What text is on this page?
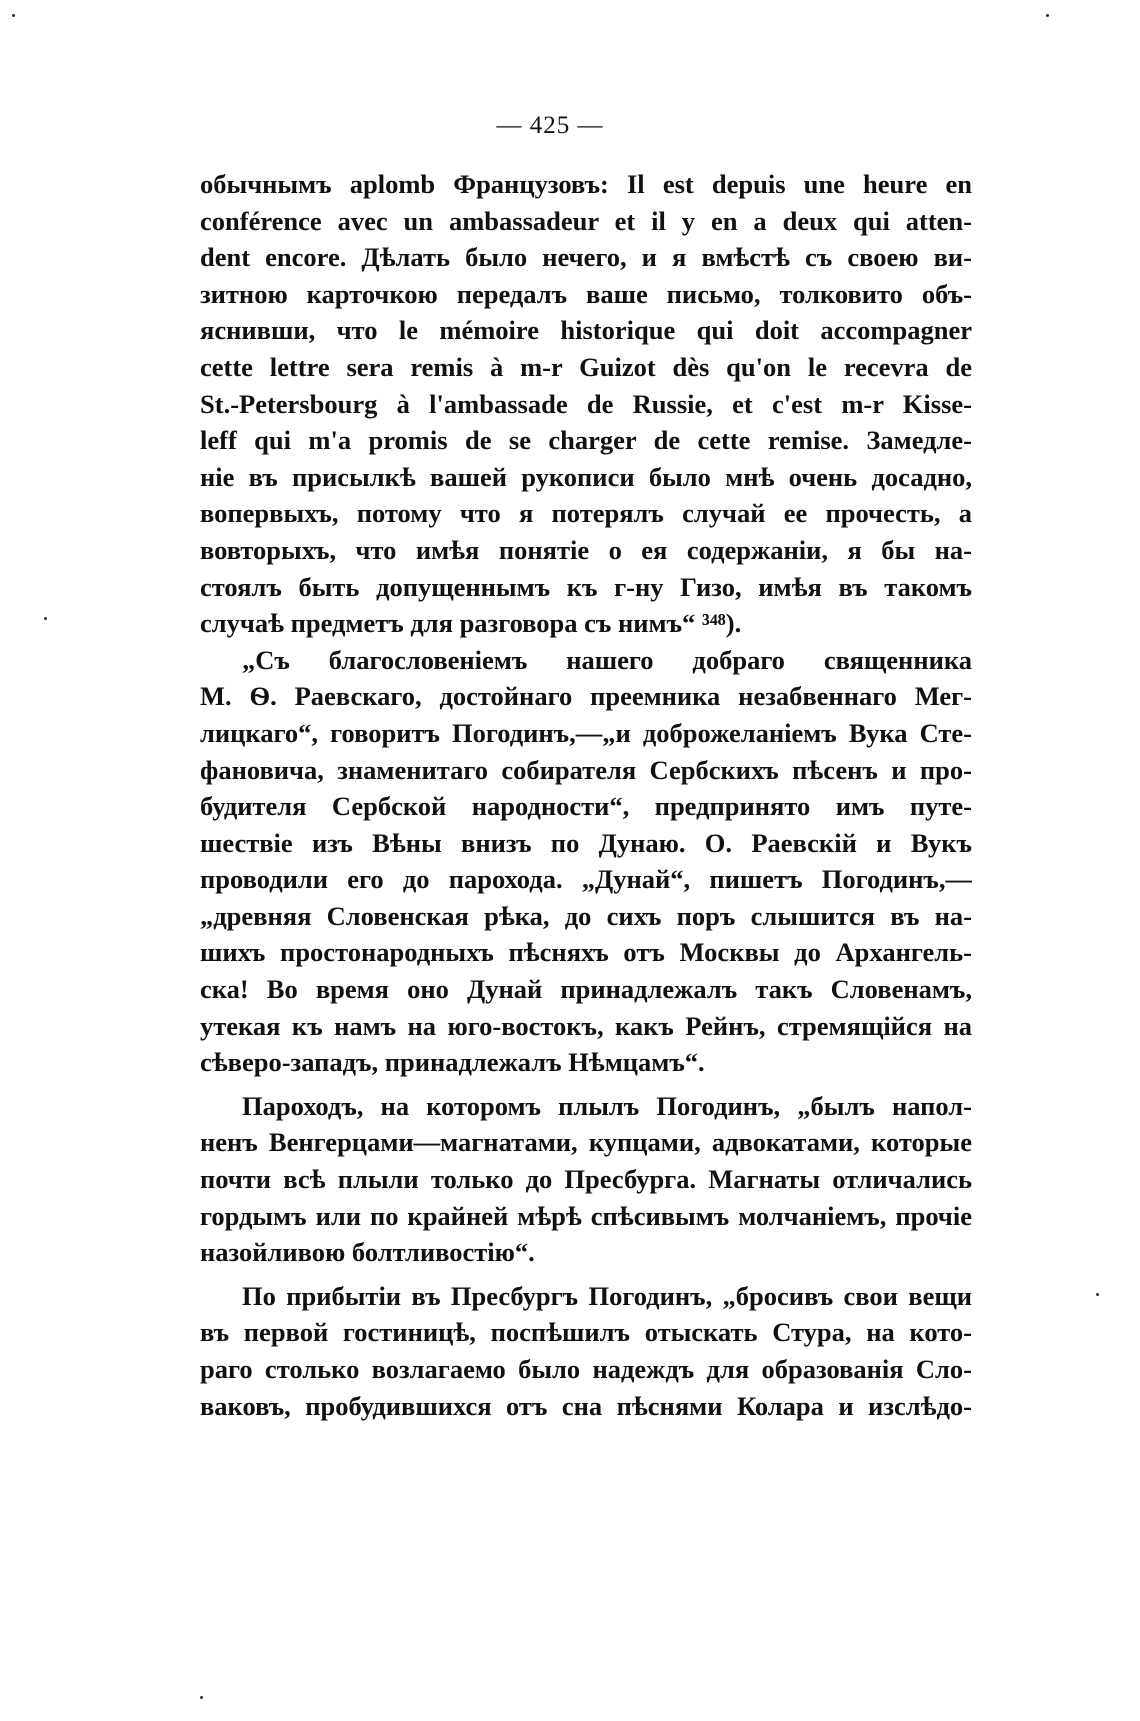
— 425 —
обычнымъ aplomb Французовъ: Il est depuis une heure en
conférence avec un ambassadeur et il y en a deux qui atten-
dent encore. Дѣлать было нечего, и я вмѣстѣ съ своею ви-
зитною карточкою передалъ ваше письмо, толковито объ-
яснивши, что le mémoire historique qui doit accompagner
cette lettre sera remis à m-r Guizot dès qu'on le recevra de
St.-Petersbourg à l'ambassade de Russie, et c'est m-r Kisse-
leff qui m'a promis de se charger de cette remise. Замедле-
ніе въ присылкѣ вашей рукописи было мнѣ очень досадно,
вопервыхъ, потому что я потерялъ случай ее прочесть, а
вовторыхъ, что имѣя понятіе о ея содержаніи, я бы на-
стоялъ быть допущеннымъ къ г-ну Гизо, имѣя въ такомъ
случаѣ предметъ для разговора съ нимъ“ ³⁴⁸).
„Съ благословеніемъ нашего добраго священника
М. Ѳ. Раевскаго, достойнаго преемника незабвеннаго Мег-
лицкаго“, говоритъ Погодинъ,—„и доброжеланіемъ Вука Сте-
фановича, знаменитаго собирателя Сербскихъ пѣсенъ и про-
будителя Сербской народности“, предпринято имъ путе-
шествіе изъ Вѣны внизъ по Дунаю. О. Раевскій и Вукъ
проводили его до парохода. „Дунай“, пишетъ Погодинъ,—
„древняя Словенская рѣка, до сихъ поръ слышится въ на-
шихъ простонародныхъ пѣсняхъ отъ Москвы до Архангель-
ска! Во время оно Дунай принадлежалъ такъ Словенамъ,
утекая къ намъ на юго-востокъ, какъ Рейнъ, стремящійся на
сѣверо-западъ, принадлежалъ Нѣмцамъ“.
Пароходъ, на которомъ плылъ Погодинъ, „былъ напол-
ненъ Венгерцами—магнатами, купцами, адвокатами, которые
почти всѣ плыли только до Пресбурга. Магнаты отличались
гордымъ или по крайней мѣрѣ спѣсивымъ молчаніемъ, прочіе
назойливою болтливостію“.
По прибытіи въ Пресбургъ Погодинъ, „бросивъ свои вещи
въ первой гостиницѣ, поспѣшилъ отыскать Стура, на кото-
раго столько возлагаемо было надеждъ для образованія Сло-
ваковъ, пробудившихся отъ сна пѣснями Колара и изслѣдо-
